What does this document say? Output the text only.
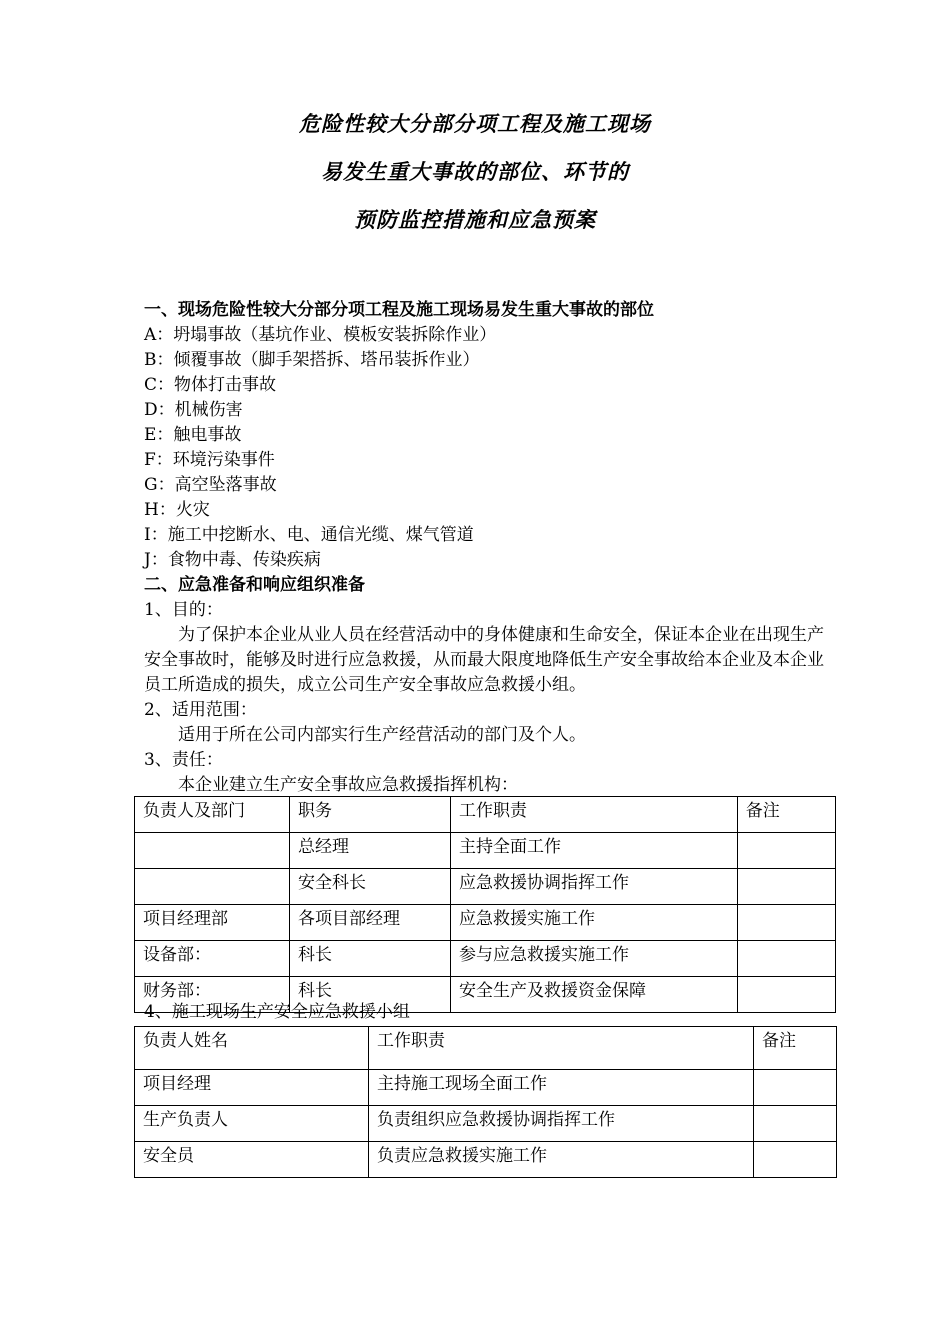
危险性较大分部分项工程及施工现场
易发生重大事故的部位、环节的
预防监控措施和应急预案
一、现场危险性较大分部分项工程及施工现场易发生重大事故的部位
A：坍塌事故（基坑作业、模板安装拆除作业）
B：倾覆事故（脚手架搭拆、塔吊装拆作业）
C：物体打击事故
D：机械伤害
E：触电事故
F：环境污染事件
G：高空坠落事故
H：火灾
I：施工中挖断水、电、通信光缆、煤气管道
J：食物中毒、传染疾病
二、应急准备和响应组织准备
1、目的：
为了保护本企业从业人员在经营活动中的身体健康和生命安全，保证本企业在出现生产安全事故时，能够及时进行应急救援，从而最大限度地降低生产安全事故给本企业及本企业员工所造成的损失，成立公司生产安全事故应急救援小组。
2、适用范围：
适用于所在公司内部实行生产经营活动的部门及个人。
3、责任：
本企业建立生产安全事故应急救援指挥机构：
负责人及部门	职务	工作职责	备注
	总经理	主持全面工作	
	安全科长	应急救援协调指挥工作	
项目经理部	各项目部经理	应急救援实施工作	
设备部：	科长	参与应急救援实施工作	
财务部：	科长	安全生产及救援资金保障	
4、施工现场生产安全应急救援小组
负责人姓名	工作职责	备注
项目经理	主持施工现场全面工作	
生产负责人	负责组织应急救援协调指挥工作	
安全员	负责应急救援实施工作	
